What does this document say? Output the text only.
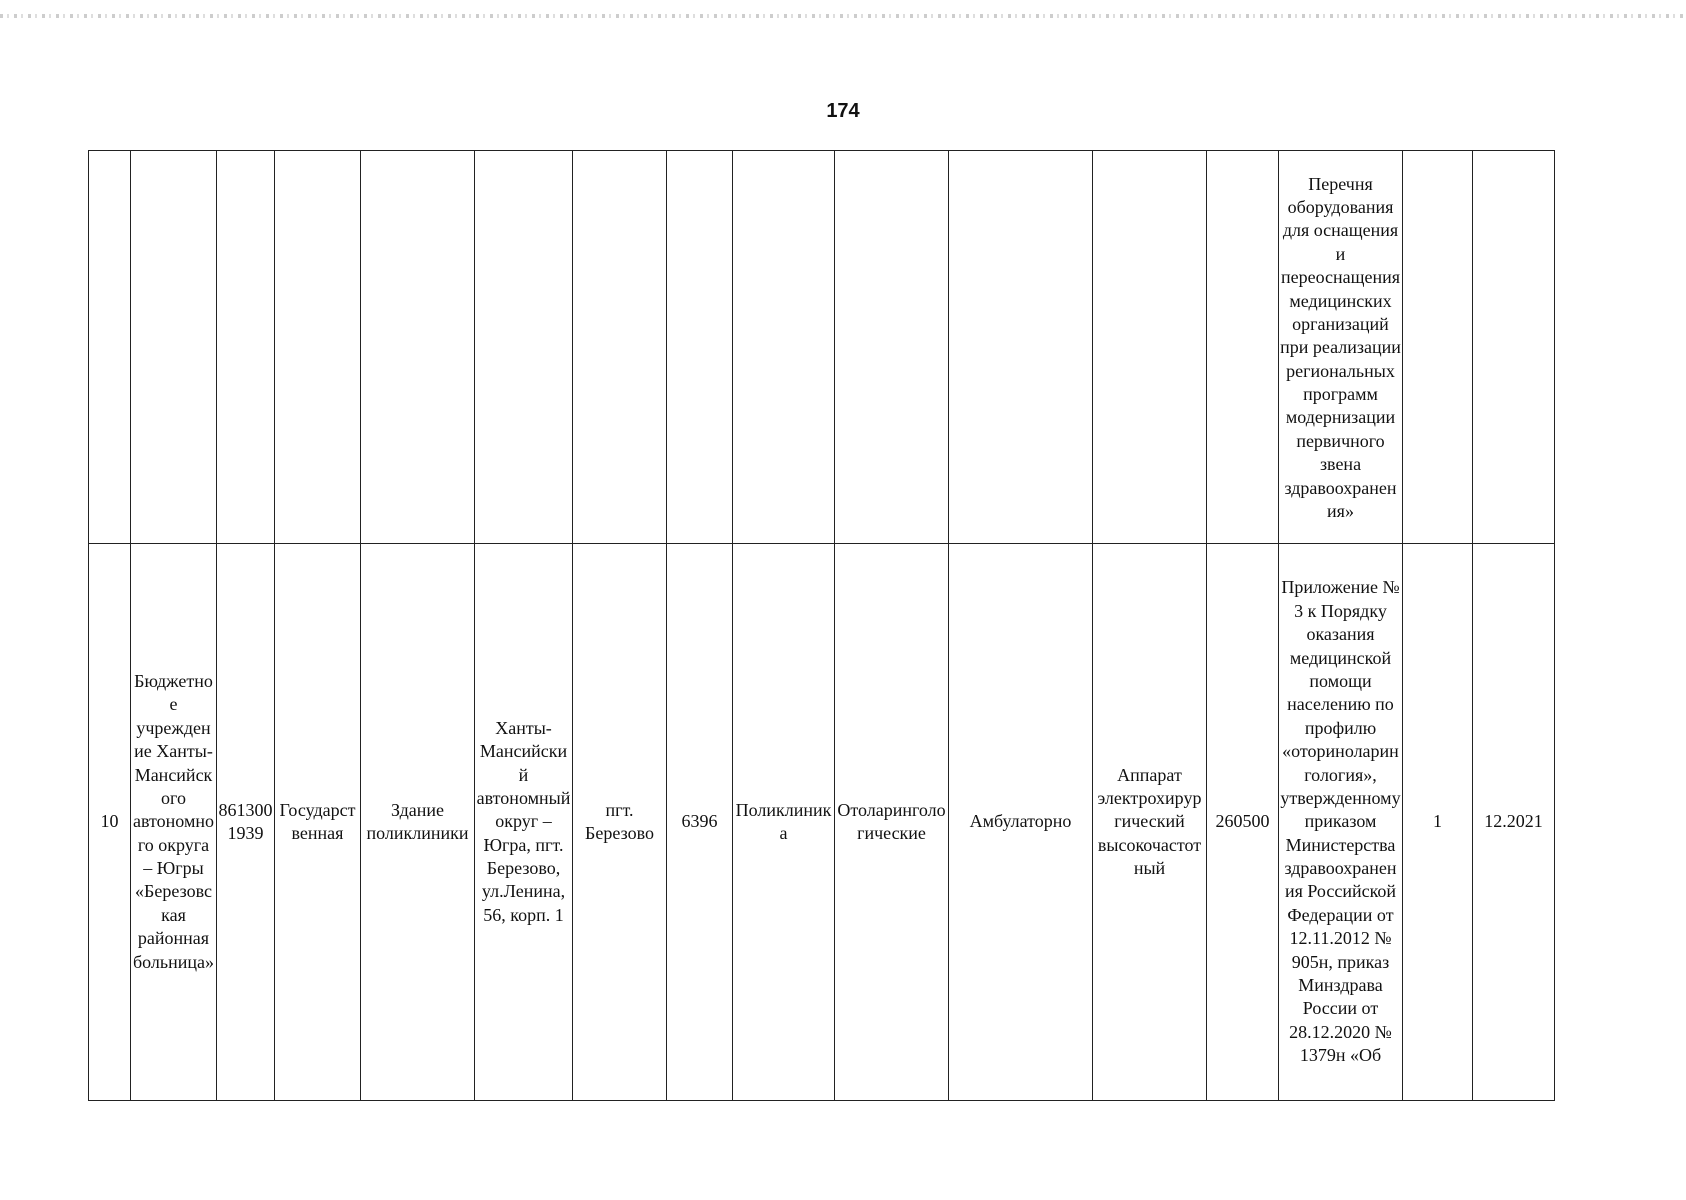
174

													Перечня оборудования для оснащения и переоснащения медицинских организаций при реализации региональных программ модернизации первичного звена здравоохранения»		

10	Бюджетное учреждение Ханты-Мансийского автономного округа – Югры «Березовская районная больница»	8613001939	Государственная	Здание поликлиники	Ханты-Мансийский автономный округ – Югра, пгт. Березово, ул.Ленина, 56, корп. 1	пгт. Березово	6396	Поликлиника	Отоларингологические	Амбулаторно	Аппарат электрохирургический высокочастотный	260500	Приложение № 3 к Порядку оказания медицинской помощи населению по профилю «оториноларингология», утвержденному приказом Министерства здравоохранения Российской Федерации от 12.11.2012 № 905н, приказ Минздрава России от 28.12.2020 № 1379н «Об	1	12.2021
